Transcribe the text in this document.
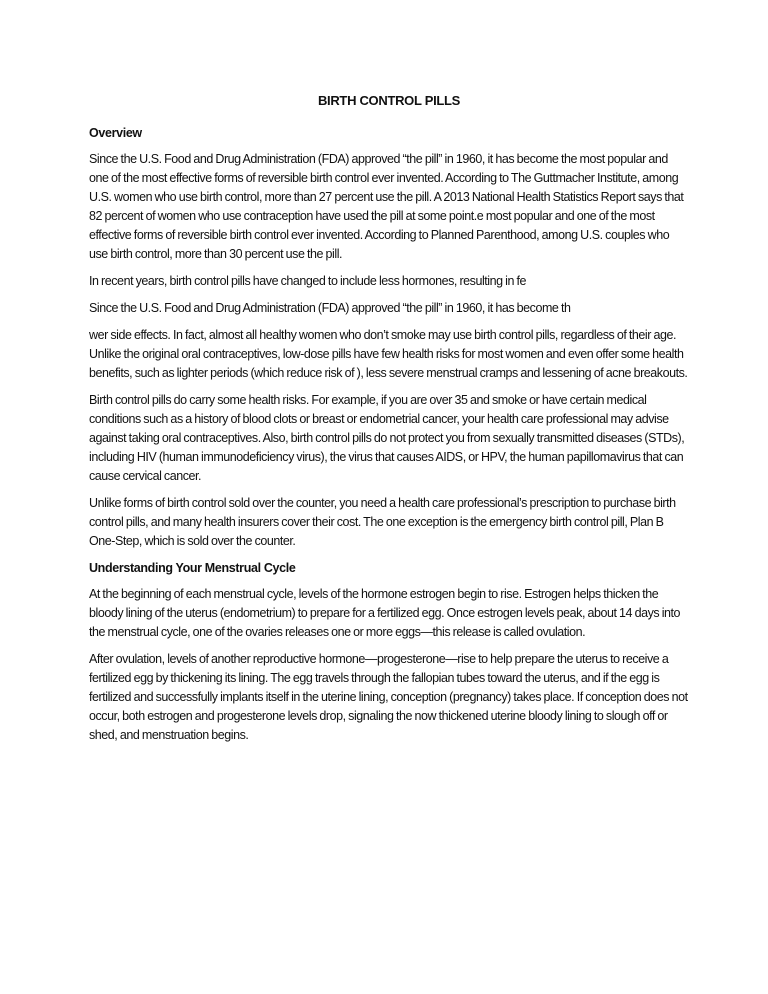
BIRTH CONTROL PILLS
Overview

Since the U.S. Food and Drug Administration (FDA) approved “the pill” in 1960, it has become the most popular and one of the most effective forms of reversible birth control ever invented. According to The Guttmacher Institute, among U.S. women who use birth control, more than 27 percent use the pill. A 2013 National Health Statistics Report says that 82 percent of women who use contraception have used the pill at some point.e most popular and one of the most effective forms of reversible birth control ever invented. According to Planned Parenthood, among U.S. couples who use birth control, more than 30 percent use the pill.

In recent years, birth control pills have changed to include less hormones, resulting in fe

Since the U.S. Food and Drug Administration (FDA) approved “the pill” in 1960, it has become th

wer side effects. In fact, almost all healthy women who don’t smoke may use birth control pills, regardless of their age. Unlike the original oral contraceptives, low-dose pills have few health risks for most women and even offer some health benefits, such as lighter periods (which reduce risk of ), less severe menstrual cramps and lessening of acne breakouts.

Birth control pills do carry some health risks. For example, if you are over 35 and smoke or have certain medical conditions such as a history of blood clots or breast or endometrial cancer, your health care professional may advise against taking oral contraceptives. Also, birth control pills do not protect you from sexually transmitted diseases (STDs), including HIV (human immunodeficiency virus), the virus that causes AIDS, or HPV, the human papillomavirus that can cause cervical cancer.

Unlike forms of birth control sold over the counter, you need a health care professional’s prescription to purchase birth control pills, and many health insurers cover their cost. The one exception is the emergency birth control pill, Plan B One-Step, which is sold over the counter.

Understanding Your Menstrual Cycle

At the beginning of each menstrual cycle, levels of the hormone estrogen begin to rise. Estrogen helps thicken the bloody lining of the uterus (endometrium) to prepare for a fertilized egg. Once estrogen levels peak, about 14 days into the menstrual cycle, one of the ovaries releases one or more eggs—this release is called ovulation.

After ovulation, levels of another reproductive hormone—progesterone—rise to help prepare the uterus to receive a fertilized egg by thickening its lining. The egg travels through the fallopian tubes toward the uterus, and if the egg is fertilized and successfully implants itself in the uterine lining, conception (pregnancy) takes place. If conception does not occur, both estrogen and progesterone levels drop, signaling the now thickened uterine bloody lining to slough off or shed, and menstruation begins.
